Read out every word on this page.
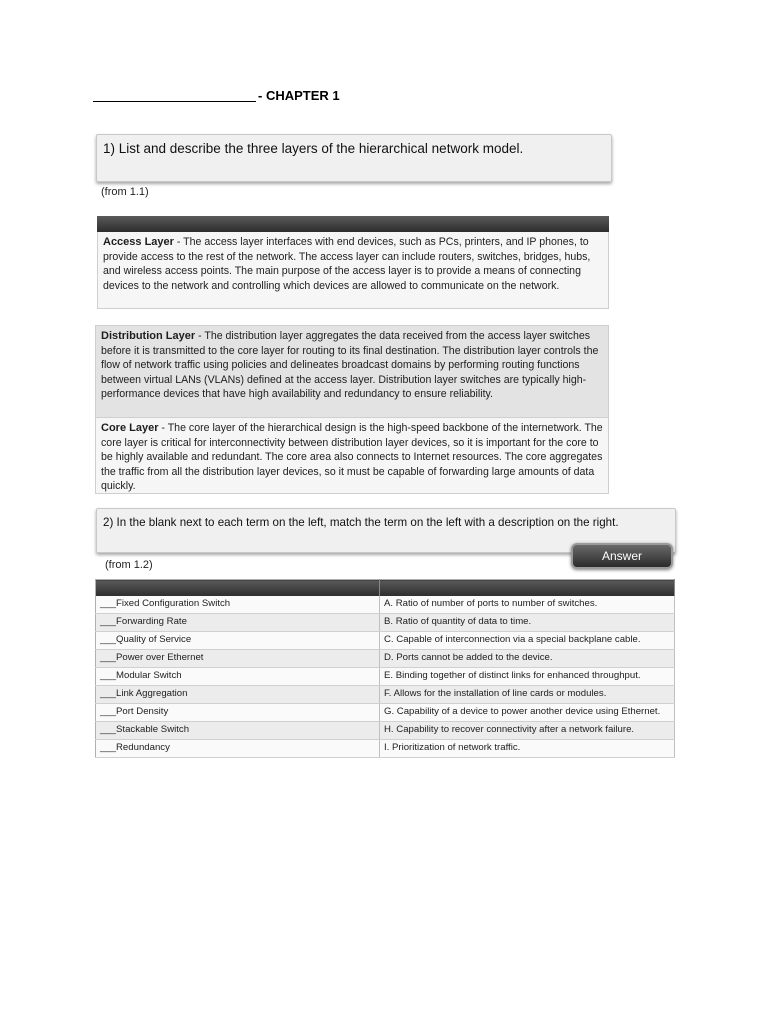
- CHAPTER 1
1) List and describe the three layers of the hierarchical network model.
(from 1.1)
Access Layer - The access layer interfaces with end devices, such as PCs, printers, and IP phones, to provide access to the rest of the network. The access layer can include routers, switches, bridges, hubs, and wireless access points. The main purpose of the access layer is to provide a means of connecting devices to the network and controlling which devices are allowed to communicate on the network.
Distribution Layer - The distribution layer aggregates the data received from the access layer switches before it is transmitted to the core layer for routing to its final destination. The distribution layer controls the flow of network traffic using policies and delineates broadcast domains by performing routing functions between virtual LANs (VLANs) defined at the access layer. Distribution layer switches are typically high-performance devices that have high availability and redundancy to ensure reliability.
Core Layer - The core layer of the hierarchical design is the high-speed backbone of the internetwork. The core layer is critical for interconnectivity between distribution layer devices, so it is important for the core to be highly available and redundant. The core area also connects to Internet resources. The core aggregates the traffic from all the distribution layer devices, so it must be capable of forwarding large amounts of data quickly.
2) In the blank next to each term on the left, match the term on the left with a description on the right.
Answer
(from 1.2)

___Fixed Configuration Switch	A. Ratio of number of ports to number of switches.
___Forwarding Rate	B. Ratio of quantity of data to time.
___Quality of Service	C. Capable of interconnection via a special backplane cable.
___Power over Ethernet	D. Ports cannot be added to the device.
___Modular Switch	E. Binding together of distinct links for enhanced throughput.
___Link Aggregation	F. Allows for the installation of line cards or modules.
___Port Density	G. Capability of a device to power another device using Ethernet.
___Stackable Switch	H. Capability to recover connectivity after a network failure.
___Redundancy	I. Prioritization of network traffic.
